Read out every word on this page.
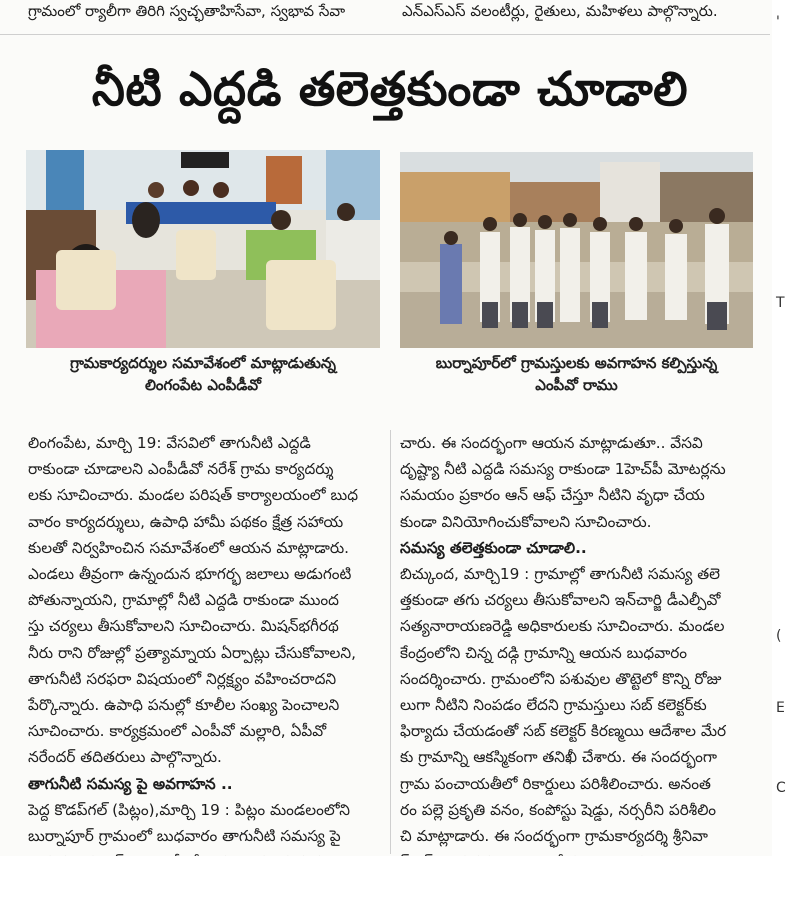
గ్రామంలో ర్యాలీగా తిరిగి స్వచ్ఛతాహిసేవా, స్వభావ సేవా	ఎన్ఎస్ఎస్ వలంటీర్లు, రైతులు, మహిళలు పాల్గొన్నారు.
నీటి ఎద్దడి తలెత్తకుండా చూడాలి
గ్రామకార్యదర్శుల సమావేశంలో మాట్లాడుతున్న
లింగంపేట ఎంపీడీవో
బుర్నాపూర్‌లో గ్రామస్తులకు అవగాహన కల్పిస్తున్న
ఎంపీవో రాము

లింగంపేట, మార్చి 19: వేసవిలో తాగునీటి ఎద్దడి

రాకుండా చూడాలని ఎంపీడీవో నరేశ్ గ్రామ కార్యదర్శు

లకు సూచించారు. మండల పరిషత్ కార్యాలయంలో బుధ

వారం కార్యదర్శులు, ఉపాధి హామీ పథకం క్షేత్ర సహాయ

కులతో నిర్వహించిన సమావేశంలో ఆయన మాట్లాడారు.

ఎండలు తీవ్రంగా ఉన్నందున భూగర్భ జలాలు అడుగంటి

పోతున్నాయని, గ్రామాల్లో నీటి ఎద్దడి రాకుండా ముంద

స్తు చర్యలు తీసుకోవాలని సూచించారు. మిషన్‌భగీరథ

నీరు రాని రోజుల్లో ప్రత్యామ్నాయ ఏర్పాట్లు చేసుకోవాలని,

తాగునీటి సరఫరా విషయంలో నిర్లక్ష్యం వహించరాదని

పేర్కొన్నారు. ఉపాధి పనుల్లో కూలీల సంఖ్య పెంచాలని

సూచించారు. కార్యక్రమంలో ఎంపీవో మల్లారి, ఏపీవో

నరేందర్ తదితరులు పాల్గొన్నారు.

తాగునీటి సమస్య పై అవగాహన ..

పెద్ద కొడప్‌గల్ (పిట్లం),మార్చి 19 : పిట్లం మండలంలోని

బుర్నాపూర్ గ్రామంలో బుధవారం తాగునీటి సమస్య పై

చారు. ఈ సందర్భంగా ఆయన మాట్లాడుతూ.. వేసవి

దృష్ట్యా నీటి ఎద్దడి సమస్య రాకుండా 1హెచ్‌పీ మోటర్లను

సమయం ప్రకారం ఆన్ ఆఫ్ చేస్తూ నీటిని వృధా చేయ

కుండా వినియోగించుకోవాలని సూచించారు.

సమస్య తలెత్తకుండా చూడాలి..

బిచ్కుంద, మార్చి19 : గ్రామాల్లో తాగునీటి సమస్య తలె

త్తకుండా తగు చర్యలు తీసుకోవాలని ఇన్‌చార్జి డీఎల్పీవో

సత్యనారాయణరెడ్డి అధికారులకు సూచించారు. మండల

కేంద్రంలోని చిన్న దడ్గి గ్రామాన్ని ఆయన బుధవారం

సందర్శించారు. గ్రామంలోని పశువుల తొట్టెలో కొన్ని రోజు

లుగా నీటిని నింపడం లేదని గ్రామస్తులు సబ్ కలెక్టర్‌కు

ఫిర్యాదు చేయడంతో సబ్ కలెక్టర్ కిరణ్మయి ఆదేశాల మేర

కు గ్రామాన్ని ఆకస్మికంగా తనిఖీ చేశారు. ఈ సందర్భంగా

గ్రామ పంచాయతీలో రికార్డులు పరిశీలించారు. అనంత

రం పల్లె ప్రకృతి వనం, కంపోస్టు షెడ్డు, నర్సరీని పరిశీలిం

చి మాట్లాడారు. ఈ సందర్భంగా గ్రామకార్యదర్శి శ్రీనివా

'
T
(
E
C
